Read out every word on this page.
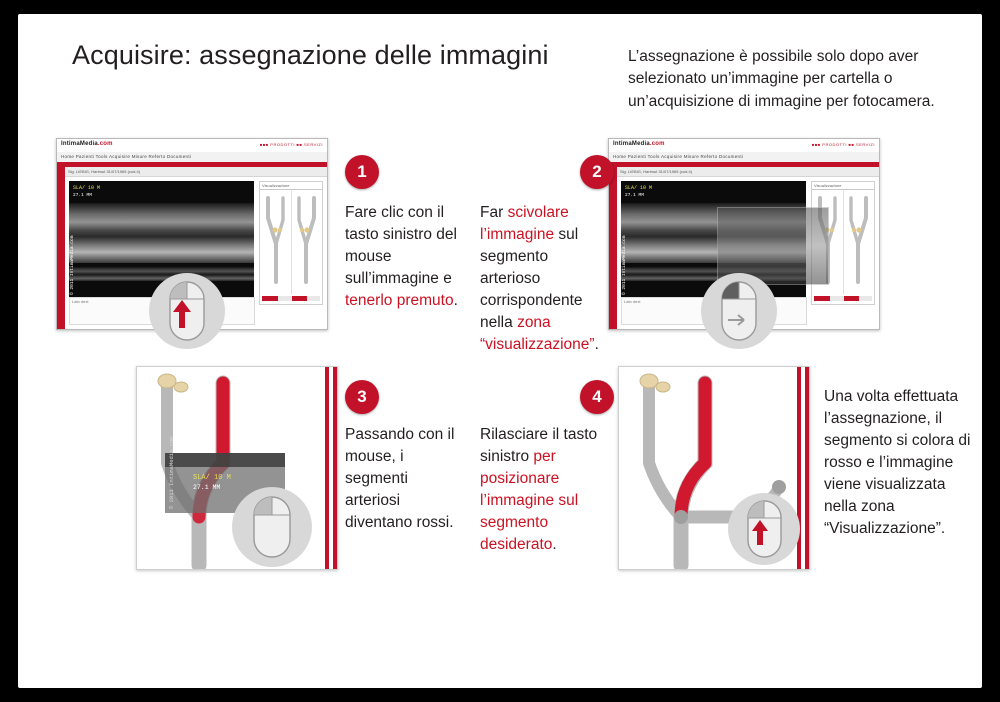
Acquisire: assegnazione delle immagini	L’assegnazione è possibile solo dopo aver selezionato un’immagine per cartella o un’acquisizione di immagine per fotocamera.
IntimaMedia.com	■■■ PRODOTTI ■■ SERVIZI
Home Pazienti Tools Acquisire Misure Referto Documenti
Sig. LIEBIG, Hartmut 31/07/1965 (cod.4)
SLA/ 10 M
27.1 MM
© 2011 IntimaMedia.com
Visualizzazione
Lato dext
1
Fare clic con il tasto sinistro del mouse sull’immagine e tenerlo premuto.
IntimaMedia.com	■■■ PRODOTTI ■■ SERVIZI
Home Pazienti Tools Acquisire Misure Referto Documenti
Sig. LIEBIG, Hartmut 31/07/1965 (cod.4)
SLA/ 10 M
27.1 MM
© 2011 IntimaMedia.com
Visualizzazione
Lato dext
2
Far scivolare l’immagine sul segmento arterioso corrispondente nella zona “visualizzazione”.
SLA/ 10 M
27.1 MM
© 2011 IntimaMedia.com
3
Passando con il mouse, i segmenti arteriosi diventano rossi.
4
Rilasciare il tasto sinistro per posizionare l’immagine sul segmento desiderato.
Una volta effettuata l’assegnazione, il segmento si colora di rosso e l’immagine viene visualizzata nella zona “Visualizzazione”.
